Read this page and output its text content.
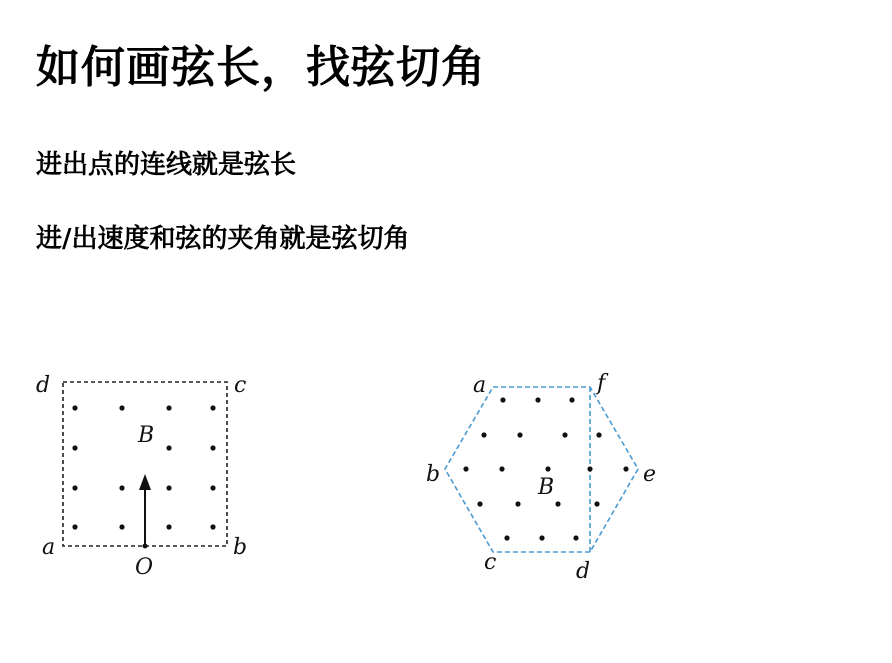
如何画弦长，找弦切角
进出点的连线就是弦长
进/出速度和弦的夹角就是弦切角
d	c
a	b
B
O
a	f
b	e
c	d
B
